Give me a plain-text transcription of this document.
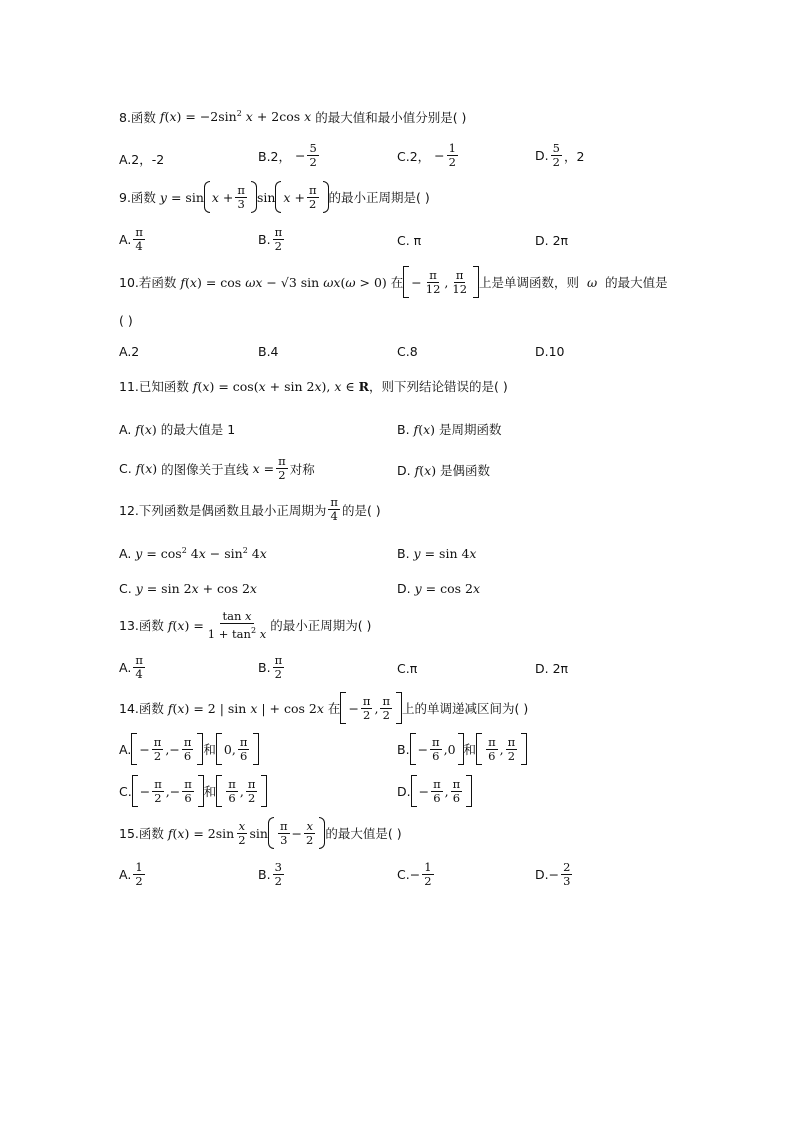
8.函数 $f(x) = -2\sin^2$ x + 2cos x 的最大值和最小值分别是( )
A.2，-2	B.2， − $\frac{5}{2}$	C.2， − $\frac{1}{2}$	D. $\frac{5}{2}$ ，2
9.函数 $y = \sin x + \frac{\pi}{3}$ $\sin x + \frac{\pi}{2}$ 的最小正周期是( )
A. $\frac{\pi}{4}$	B. $\frac{\pi}{2}$	C. π	D. 2π
10.若函数 f(x) = cos ωx − √3 sin ωx(ω > 0) 在 − $\frac{\pi}{12}$ , $\frac{\pi}{12}$ 上是单调函数，则 ω 的最大值是
( )
A.2	B.4	C.8	D.10
11.已知函数 f(x) = cos(x + sin 2x), x ∈ R ，则下列结论错误的是( )
A. f(x) 的最大值是 1	B. f(x) 是周期函数
C. f(x) 的图像关于直线 $x = \frac{\pi}{2}$ 对称	D. f(x) 是偶函数
12.下列函数是偶函数且最小正周期为 $\frac{\pi}{4}$ 的是( )
A. $y = \cos^2 4x - \sin^2 4x$	B. y = sin 4x
C. y = sin 2x + cos 2x	D. y = cos 2x
13.函数 $f(x) = \frac{\text{tan x}}{1 + \tan^2 x}$ 的最小正周期为( )
A. $\frac{\pi}{4}$	B. $\frac{\pi}{2}$	C.π	D. 2π
14.函数 f(x) = 2 | sin x | + cos 2x 在 − $\frac{\pi}{2}$ , $\frac{\pi}{2}$ 上的单调递减区间为( )
A. − $\frac{\pi}{2}$ ,− $\frac{\pi}{6}$ 和 0, $\frac{\pi}{6}$	B. − $\frac{\pi}{6} ,0$ 和 $\frac{\pi}{6}$ , $\frac{\pi}{2}$
C. − $\frac{\pi}{2}$ ,− $\frac{\pi}{6}$ 和 $\frac{\pi}{6}$ , $\frac{\pi}{2}$	D. − $\frac{\pi}{6}$ , $\frac{\pi}{6}$
15.函数 $f(x) = 2\sin \frac{x}{2}$ $\sin \frac{\pi}{3} - \frac{x}{2}$ 的最大值是( )
A. $\frac{1}{2}$	B. $\frac{3}{2}$	C. − $\frac{1}{2}$	D. − $\frac{2}{3}$
